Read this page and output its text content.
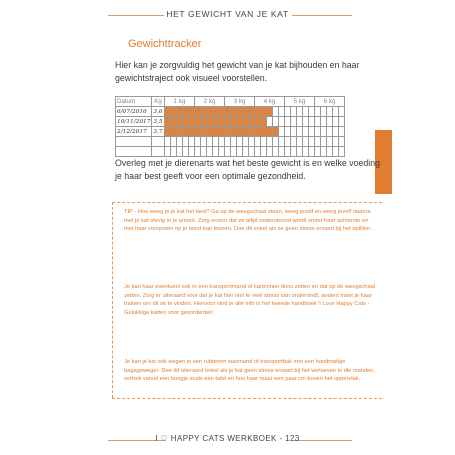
HET GEWICHT VAN JE KAT
Gewichttracker
Hier kan je zorgvuldig het gewicht van je kat bijhouden en haar gewichtstraject ook visueel voorstellen.
Datum	Kg	1 kg					2 kg					3 kg					4 kg					5 kg					6 kg				
6/07/2016	3,6																														
10/11/2017	3,5																														
2/12/2017	3,7																														

Overleg met je dierenarts wat het beste gewicht is en welke voeding je haar best geeft voor een optimale gezondheid.
TIP - Hoe weeg je je kat het best? Ga op de weegschaal staan, weeg jezelf en weeg jezelf daarna met je kat stevig in je armen. Zorg ervoor dat ze altijd ondersteund wordt onder haar achterste en met haar voorpoten op je borst kan leunen. Doe dit enkel als ze geen stress ervaart bij het optillen.
Je kan haar eventueel ook in een transportmand of kartonnen doos zetten en dat op de weegschaal zetten. Zorg er uiteraard voor dat je kat hier niet te veel stress van ondervindt, anders moet je haar trainen om dit ok te vinden. Hiervoor vind je alle info in het tweede handboek 'I Love Happy Cats - Gelukkige katten voor gevorderden'
Je kan je kat ook wegen in een rubberen wasmand of transportbak met een handmatige bagageweger. Doe dit uiteraard enkel als je kat geen stress ervaart bij het vertoeven in die manden, vertrek vanuit een boogje zoals een tafel en hou haar maar een paar cm boven het oppervlak.
I ♡ HAPPY CATS WERKBOEK - 123
